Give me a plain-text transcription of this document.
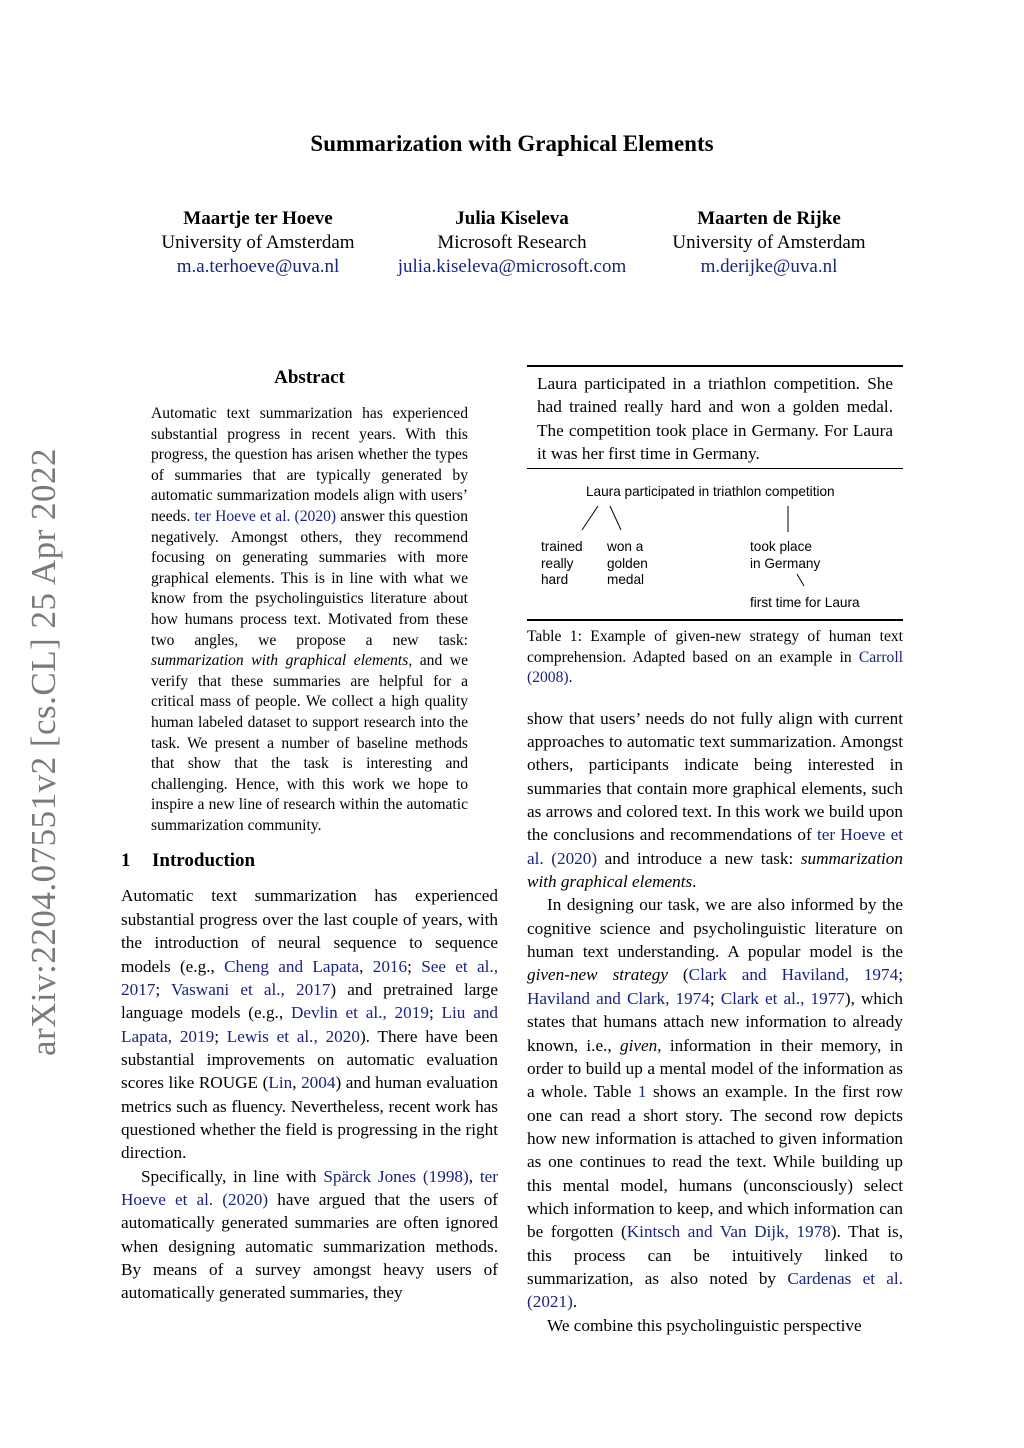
arXiv:2204.07551v2 [cs.CL] 25 Apr 2022
Summarization with Graphical Elements
Maartje ter Hoeve
University of Amsterdam
m.a.terhoeve@uva.nl
Julia Kiseleva
Microsoft Research
julia.kiseleva@microsoft.com
Maarten de Rijke
University of Amsterdam
m.derijke@uva.nl
Abstract
Automatic text summarization has experienced substantial progress in recent years. With this progress, the question has arisen whether the types of summaries that are typically generated by automatic summarization models align with users’ needs. ter Hoeve et al. (2020) answer this question negatively. Amongst others, they recommend focusing on generating summaries with more graphical elements. This is in line with what we know from the psycholinguistics literature about how humans process text. Motivated from these two angles, we propose a new task: summarization with graphical elements, and we verify that these summaries are helpful for a critical mass of people. We collect a high quality human labeled dataset to support research into the task. We present a number of baseline methods that show that the task is interesting and challenging. Hence, with this work we hope to inspire a new line of research within the automatic summarization community.
1 Introduction

Automatic text summarization has experienced substantial progress over the last couple of years, with the introduction of neural sequence to sequence models (e.g., Cheng and Lapata, 2016; See et al., 2017; Vaswani et al., 2017) and pretrained large language models (e.g., Devlin et al., 2019; Liu and Lapata, 2019; Lewis et al., 2020). There have been substantial improvements on automatic evaluation scores like ROUGE (Lin, 2004) and human evaluation metrics such as fluency. Nevertheless, recent work has questioned whether the field is progressing in the right direction.

Specifically, in line with Spärck Jones (1998), ter Hoeve et al. (2020) have argued that the users of automatically generated summaries are often ignored when designing automatic summarization methods. By means of a survey amongst heavy users of automatically generated summaries, they

Laura participated in a triathlon competition. She had trained really hard and won a golden medal. The competition took place in Germany. For Laura it was her first time in Germany.
Laura participated in triathlon competition
trained
really
hard
won a
golden
medal
took place
in Germany
first time for Laura
Table 1: Example of given-new strategy of human text comprehension. Adapted based on an example in Carroll (2008).

show that users’ needs do not fully align with current approaches to automatic text summarization. Amongst others, participants indicate being interested in summaries that contain more graphical elements, such as arrows and colored text. In this work we build upon the conclusions and recommendations of ter Hoeve et al. (2020) and introduce a new task: summarization with graphical elements.

In designing our task, we are also informed by the cognitive science and psycholinguistic literature on human text understanding. A popular model is the given-new strategy (Clark and Haviland, 1974; Haviland and Clark, 1974; Clark et al., 1977), which states that humans attach new information to already known, i.e., given, information in their memory, in order to build up a mental model of the information as a whole. Table 1 shows an example. In the first row one can read a short story. The second row depicts how new information is attached to given information as one continues to read the text. While building up this mental model, humans (unconsciously) select which information to keep, and which information can be forgotten (Kintsch and Van Dijk, 1978). That is, this process can be intuitively linked to summarization, as also noted by Cardenas et al. (2021).

We combine this psycholinguistic perspective
